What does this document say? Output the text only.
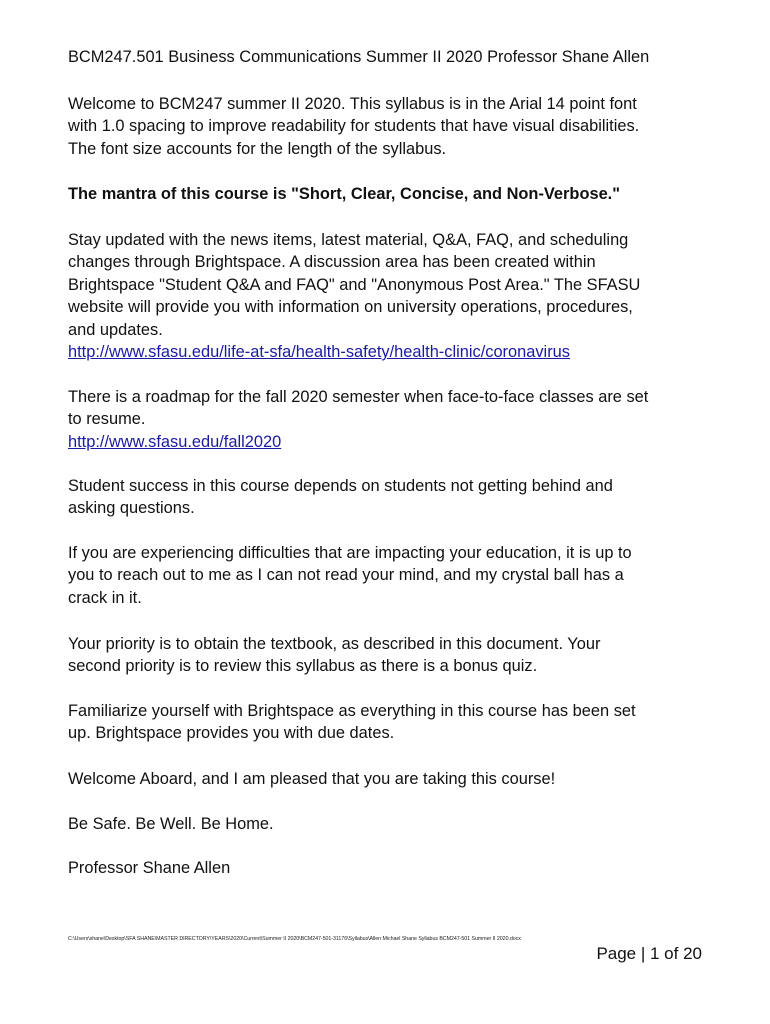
BCM247.501 Business Communications Summer II 2020 Professor Shane Allen

Welcome to BCM247 summer II 2020. This syllabus is in the Arial 14 point font

with 1.0 spacing to improve readability for students that have visual disabilities.

The font size accounts for the length of the syllabus.

The mantra of this course is "Short, Clear, Concise, and Non-Verbose."

Stay updated with the news items, latest material, Q&A, FAQ, and scheduling

changes through Brightspace. A discussion area has been created within

Brightspace "Student Q&A and FAQ" and "Anonymous Post Area." The SFASU

website will provide you with information on university operations, procedures,

and updates.

http://www.sfasu.edu/life-at-sfa/health-safety/health-clinic/coronavirus

There is a roadmap for the fall 2020 semester when face-to-face classes are set

to resume.

http://www.sfasu.edu/fall2020

Student success in this course depends on students not getting behind and

asking questions.

If you are experiencing difficulties that are impacting your education, it is up to

you to reach out to me as I can not read your mind, and my crystal ball has a

crack in it.

Your priority is to obtain the textbook, as described in this document. Your

second priority is to review this syllabus as there is a bonus quiz.

Familiarize yourself with Brightspace as everything in this course has been set

up. Brightspace provides you with due dates.

Welcome Aboard, and I am pleased that you are taking this course!

Be Safe. Be Well. Be Home.

Professor Shane Allen

C:\Users\shane\Desktop\SFA SHANE\MASTER DIRECTORY\YEARS\2020\Current\Summer II 2020\BCM247-501-31176\Syllabus\Allen Michael Shane Syllabus BCM247-501 Summer II 2020.docx
Page | 1 of 20
